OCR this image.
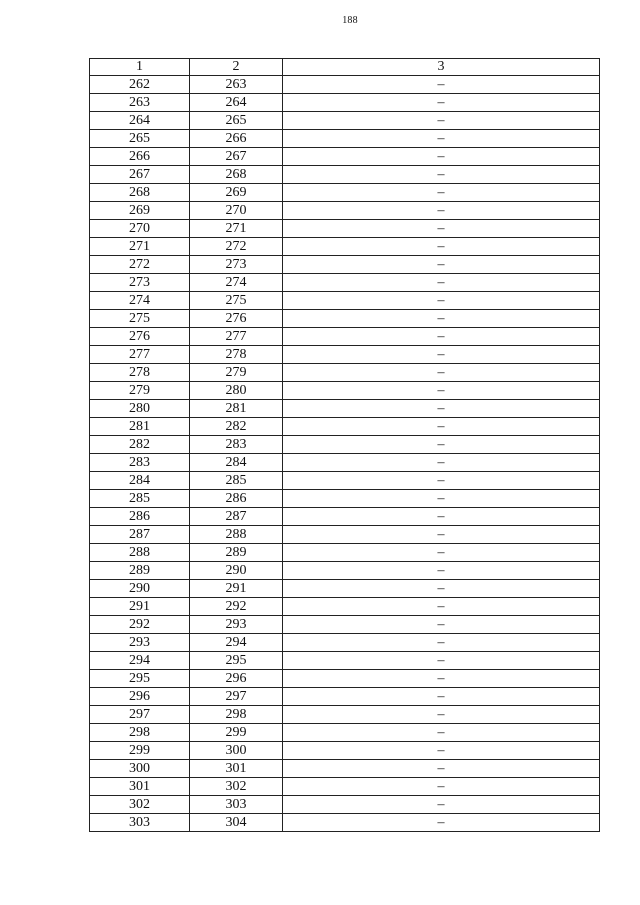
188
1	2	3
262	263	–
263	264	–
264	265	–
265	266	–
266	267	–
267	268	–
268	269	–
269	270	–
270	271	–
271	272	–
272	273	–
273	274	–
274	275	–
275	276	–
276	277	–
277	278	–
278	279	–
279	280	–
280	281	–
281	282	–
282	283	–
283	284	–
284	285	–
285	286	–
286	287	–
287	288	–
288	289	–
289	290	–
290	291	–
291	292	–
292	293	–
293	294	–
294	295	–
295	296	–
296	297	–
297	298	–
298	299	–
299	300	–
300	301	–
301	302	–
302	303	–
303	304	–
